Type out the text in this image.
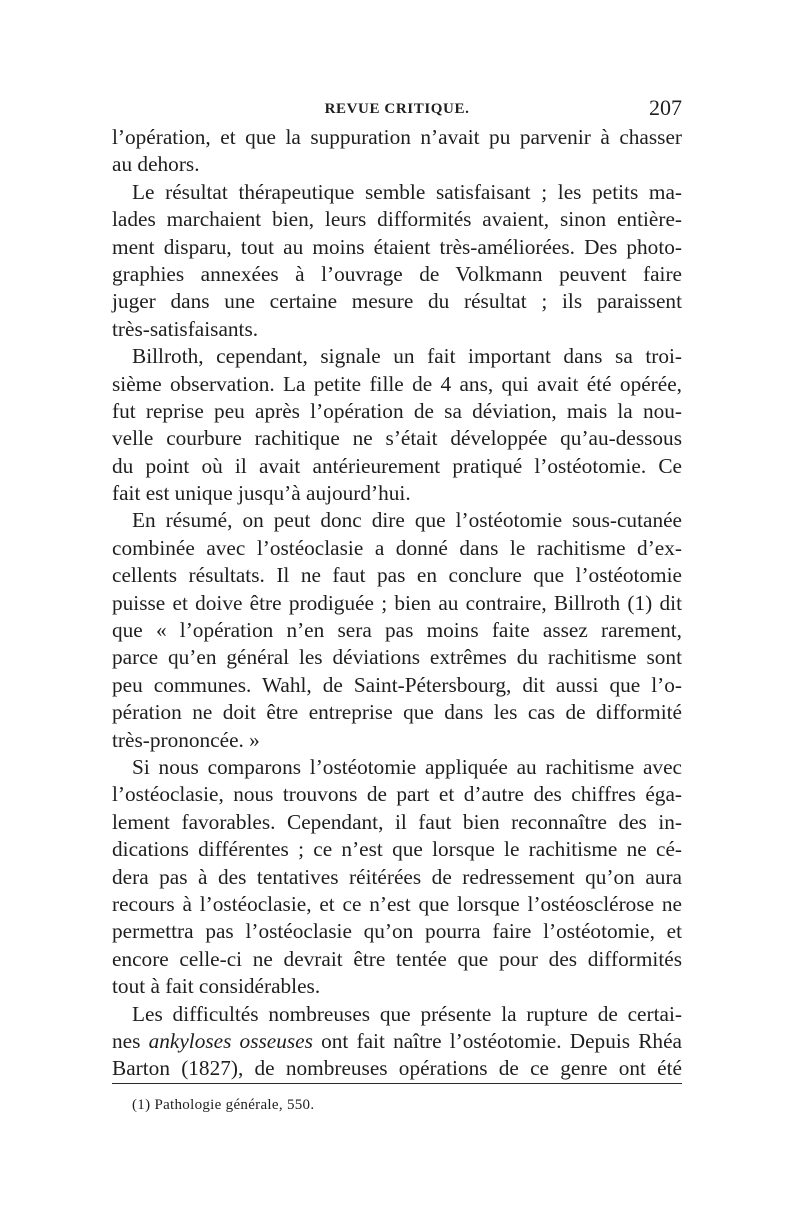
REVUE CRITIQUE.	207
l’opération, et que la suppuration n’avait pu parvenir à chasser
au dehors.
Le résultat thérapeutique semble satisfaisant ; les petits ma-
lades marchaient bien, leurs difformités avaient, sinon entière-
ment disparu, tout au moins étaient très-améliorées. Des photo-
graphies annexées à l’ouvrage de Volkmann peuvent faire
juger dans une certaine mesure du résultat ; ils paraissent
très-satisfaisants.
Billroth, cependant, signale un fait important dans sa troi-
sième observation. La petite fille de 4 ans, qui avait été opérée,
fut reprise peu après l’opération de sa déviation, mais la nou-
velle courbure rachitique ne s’était développée qu’au-dessous
du point où il avait antérieurement pratiqué l’ostéotomie. Ce
fait est unique jusqu’à aujourd’hui.
En résumé, on peut donc dire que l’ostéotomie sous-cutanée
combinée avec l’ostéoclasie a donné dans le rachitisme d’ex-
cellents résultats. Il ne faut pas en conclure que l’ostéotomie
puisse et doive être prodiguée ; bien au contraire, Billroth (1) dit
que « l’opération n’en sera pas moins faite assez rarement,
parce qu’en général les déviations extrêmes du rachitisme sont
peu communes. Wahl, de Saint-Pétersbourg, dit aussi que l’o-
pération ne doit être entreprise que dans les cas de difformité
très-prononcée. »
Si nous comparons l’ostéotomie appliquée au rachitisme avec
l’ostéoclasie, nous trouvons de part et d’autre des chiffres éga-
lement favorables. Cependant, il faut bien reconnaître des in-
dications différentes ; ce n’est que lorsque le rachitisme ne cé-
dera pas à des tentatives réitérées de redressement qu’on aura
recours à l’ostéoclasie, et ce n’est que lorsque l’ostéosclérose ne
permettra pas l’ostéoclasie qu’on pourra faire l’ostéotomie, et
encore celle-ci ne devrait être tentée que pour des difformités
tout à fait considérables.
Les difficultés nombreuses que présente la rupture de certai-
nes ankyloses osseuses ont fait naître l’ostéotomie. Depuis Rhéa
Barton (1827), de nombreuses opérations de ce genre ont été
(1) Pathologie générale, 550.
